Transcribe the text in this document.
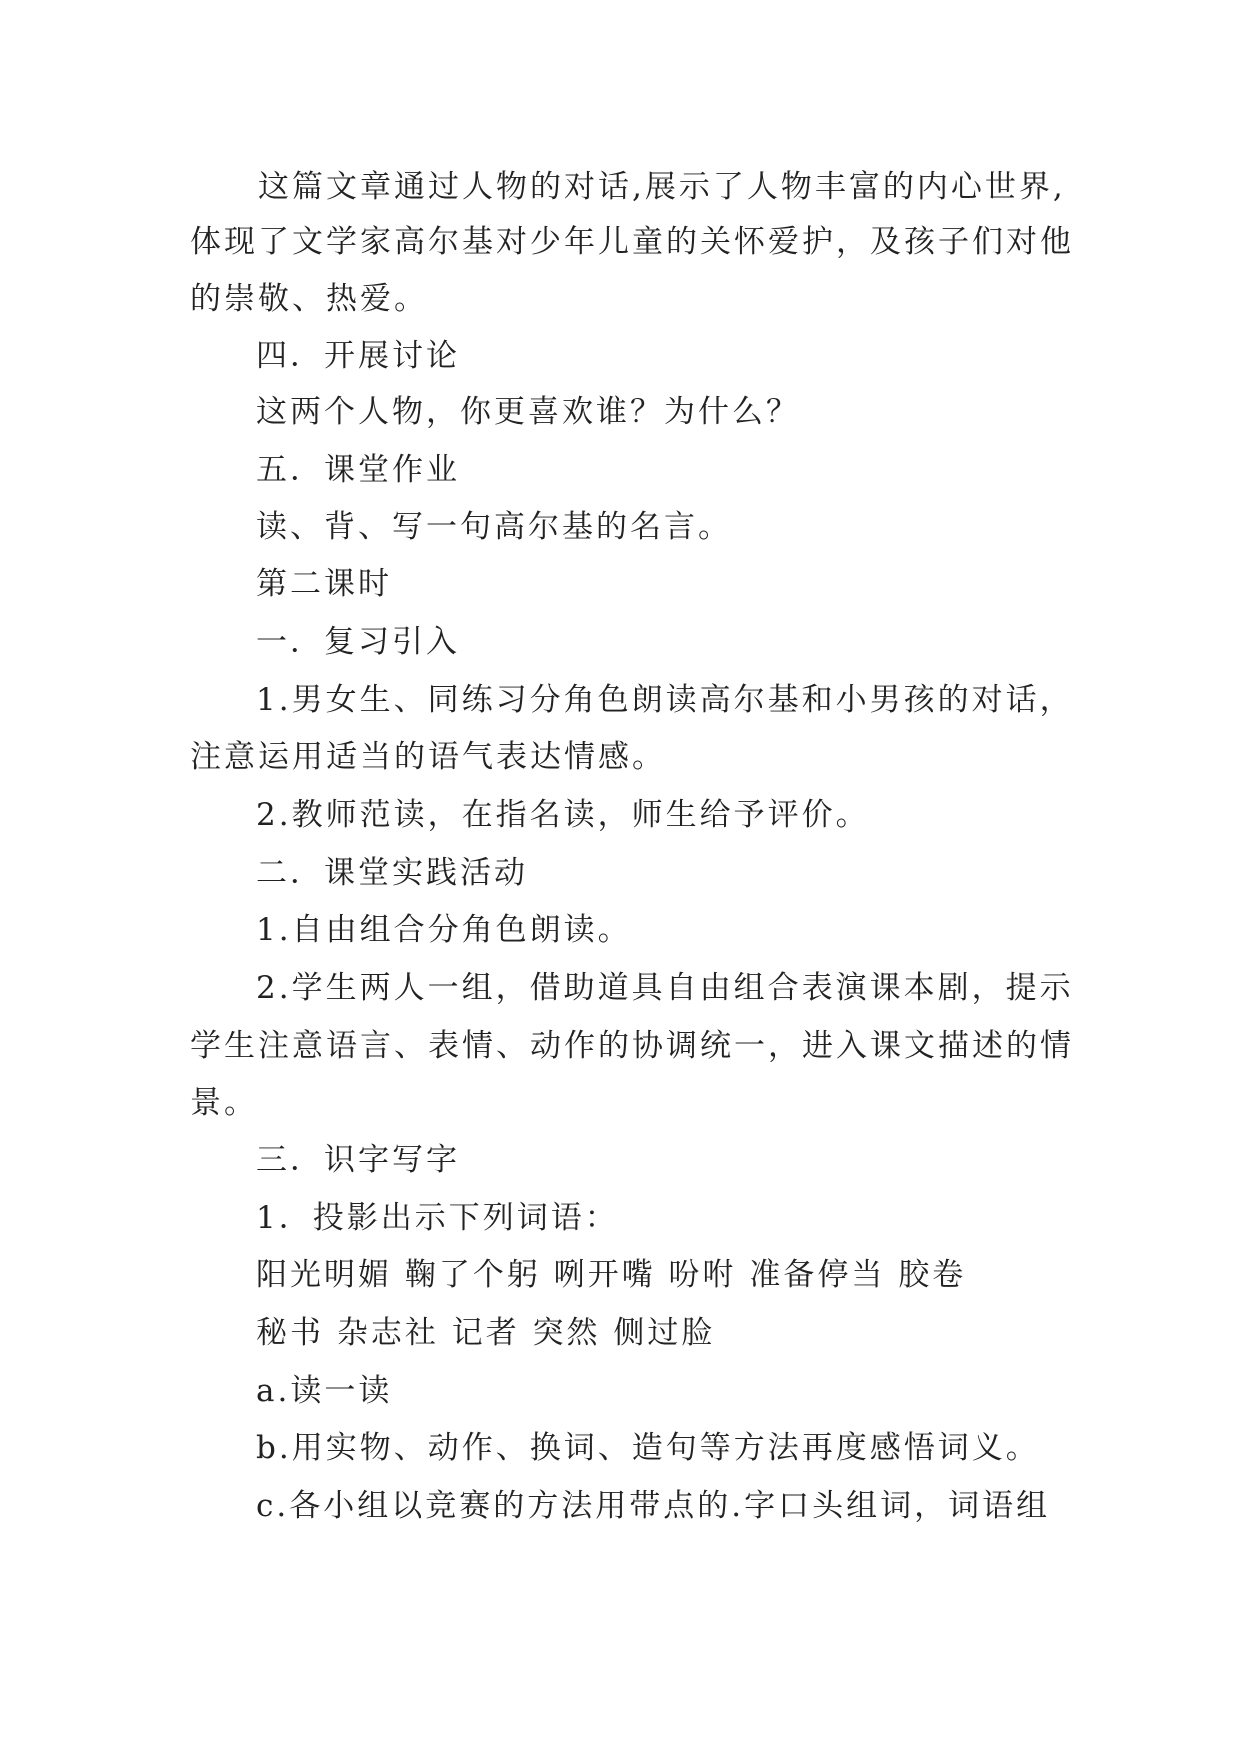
这篇文章通过人物的对话,展示了人物丰富的内心世界,

体现了文学家高尔基对少年儿童的关怀爱护，及孩子们对他

的崇敬、热爱。

四．开展讨论

这两个人物，你更喜欢谁？为什么？

五．课堂作业

读、背、写一句高尔基的名言。

第二课时

一．复习引入

1.男女生、同练习分角色朗读高尔基和小男孩的对话，

注意运用适当的语气表达情感。

2.教师范读，在指名读，师生给予评价。

二．课堂实践活动

1.自由组合分角色朗读。

2.学生两人一组，借助道具自由组合表演课本剧，提示

学生注意语言、表情、动作的协调统一，进入课文描述的情

景。

三．识字写字

1．投影出示下列词语：

阳光明媚 鞠了个躬 咧开嘴 吩咐 准备停当 胶卷

秘书 杂志社 记者 突然 侧过脸

a.读一读

b.用实物、动作、换词、造句等方法再度感悟词义。

c.各小组以竞赛的方法用带点的.字口头组词，词语组
